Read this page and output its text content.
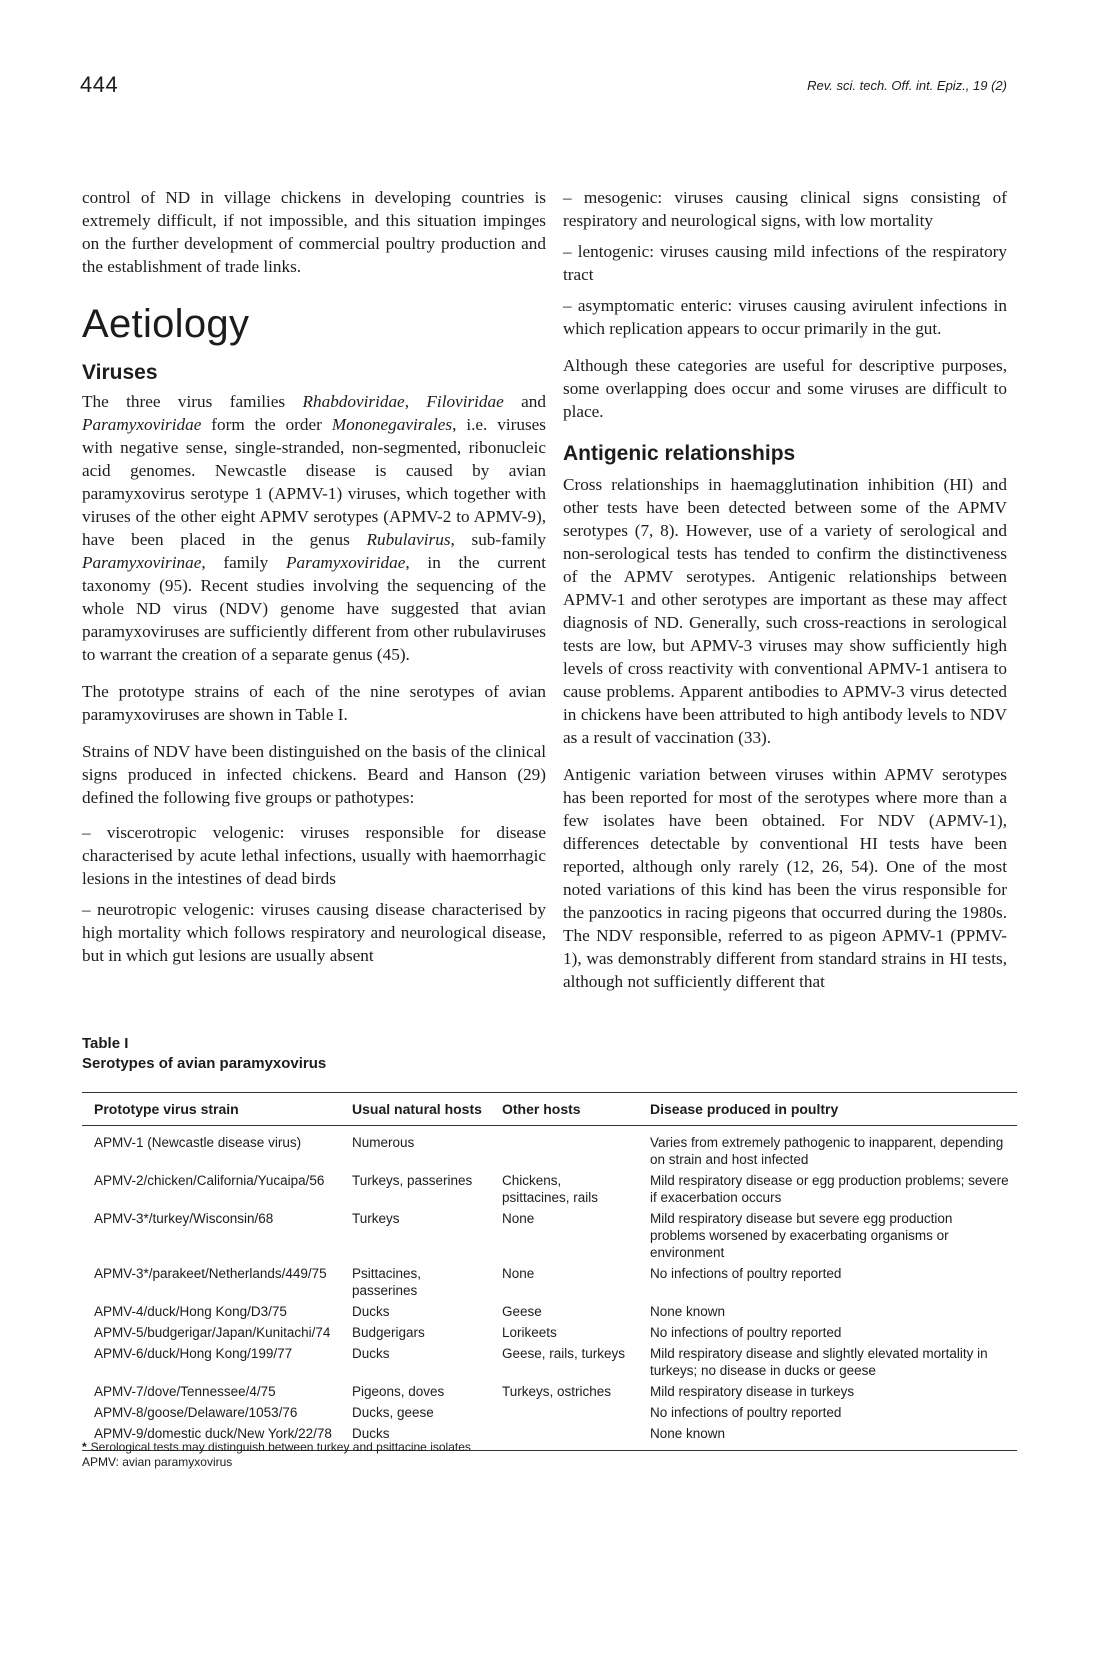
444	Rev. sci. tech. Off. int. Epiz., 19 (2)

control of ND in village chickens in developing countries is extremely difficult, if not impossible, and this situation impinges on the further development of commercial poultry production and the establishment of trade links.

Aetiology
Viruses

The three virus families Rhabdoviridae, Filoviridae and Paramyxoviridae form the order Mononegavirales, i.e. viruses with negative sense, single-stranded, non-segmented, ribonucleic acid genomes. Newcastle disease is caused by avian paramyxovirus serotype 1 (APMV-1) viruses, which together with viruses of the other eight APMV serotypes (APMV-2 to APMV-9), have been placed in the genus Rubulavirus, sub-family Paramyxovirinae, family Paramyxoviridae, in the current taxonomy (95). Recent studies involving the sequencing of the whole ND virus (NDV) genome have suggested that avian paramyxoviruses are sufficiently different from other rubulaviruses to warrant the creation of a separate genus (45).

The prototype strains of each of the nine serotypes of avian paramyxoviruses are shown in Table I.

Strains of NDV have been distinguished on the basis of the clinical signs produced in infected chickens. Beard and Hanson (29) defined the following five groups or pathotypes:

– viscerotropic velogenic: viruses responsible for disease characterised by acute lethal infections, usually with haemorrhagic lesions in the intestines of dead birds

– neurotropic velogenic: viruses causing disease characterised by high mortality which follows respiratory and neurological disease, but in which gut lesions are usually absent

– mesogenic: viruses causing clinical signs consisting of respiratory and neurological signs, with low mortality

– lentogenic: viruses causing mild infections of the respiratory tract

– asymptomatic enteric: viruses causing avirulent infections in which replication appears to occur primarily in the gut.

Although these categories are useful for descriptive purposes, some overlapping does occur and some viruses are difficult to place.

Antigenic relationships

Cross relationships in haemagglutination inhibition (HI) and other tests have been detected between some of the APMV serotypes (7, 8). However, use of a variety of serological and non-serological tests has tended to confirm the distinctiveness of the APMV serotypes. Antigenic relationships between APMV-1 and other serotypes are important as these may affect diagnosis of ND. Generally, such cross-reactions in serological tests are low, but APMV-3 viruses may show sufficiently high levels of cross reactivity with conventional APMV-1 antisera to cause problems. Apparent antibodies to APMV-3 virus detected in chickens have been attributed to high antibody levels to NDV as a result of vaccination (33).

Antigenic variation between viruses within APMV serotypes has been reported for most of the serotypes where more than a few isolates have been obtained. For NDV (APMV-1), differences detectable by conventional HI tests have been reported, although only rarely (12, 26, 54). One of the most noted variations of this kind has been the virus responsible for the panzootics in racing pigeons that occurred during the 1980s. The NDV responsible, referred to as pigeon APMV-1 (PPMV-1), was demonstrably different from standard strains in HI tests, although not sufficiently different that

Table I
Serotypes of avian paramyxovirus
Prototype virus strain	Usual natural hosts	Other hosts	Disease produced in poultry
APMV-1 (Newcastle disease virus)	Numerous		Varies from extremely pathogenic to inapparent, depending on strain and host infected
APMV-2/chicken/California/Yucaipa/56	Turkeys, passerines	Chickens, psittacines, rails	Mild respiratory disease or egg production problems; severe if exacerbation occurs
APMV-3*/turkey/Wisconsin/68	Turkeys	None	Mild respiratory disease but severe egg production problems worsened by exacerbating organisms or environment
APMV-3*/parakeet/Netherlands/449/75	Psittacines, passerines	None	No infections of poultry reported
APMV-4/duck/Hong Kong/D3/75	Ducks	Geese	None known
APMV-5/budgerigar/Japan/Kunitachi/74	Budgerigars	Lorikeets	No infections of poultry reported
APMV-6/duck/Hong Kong/199/77	Ducks	Geese, rails, turkeys	Mild respiratory disease and slightly elevated mortality in turkeys; no disease in ducks or geese
APMV-7/dove/Tennessee/4/75	Pigeons, doves	Turkeys, ostriches	Mild respiratory disease in turkeys
APMV-8/goose/Delaware/1053/76	Ducks, geese		No infections of poultry reported
APMV-9/domestic duck/New York/22/78	Ducks		None known
* Serological tests may distinguish between turkey and psittacine isolates
APMV: avian paramyxovirus
